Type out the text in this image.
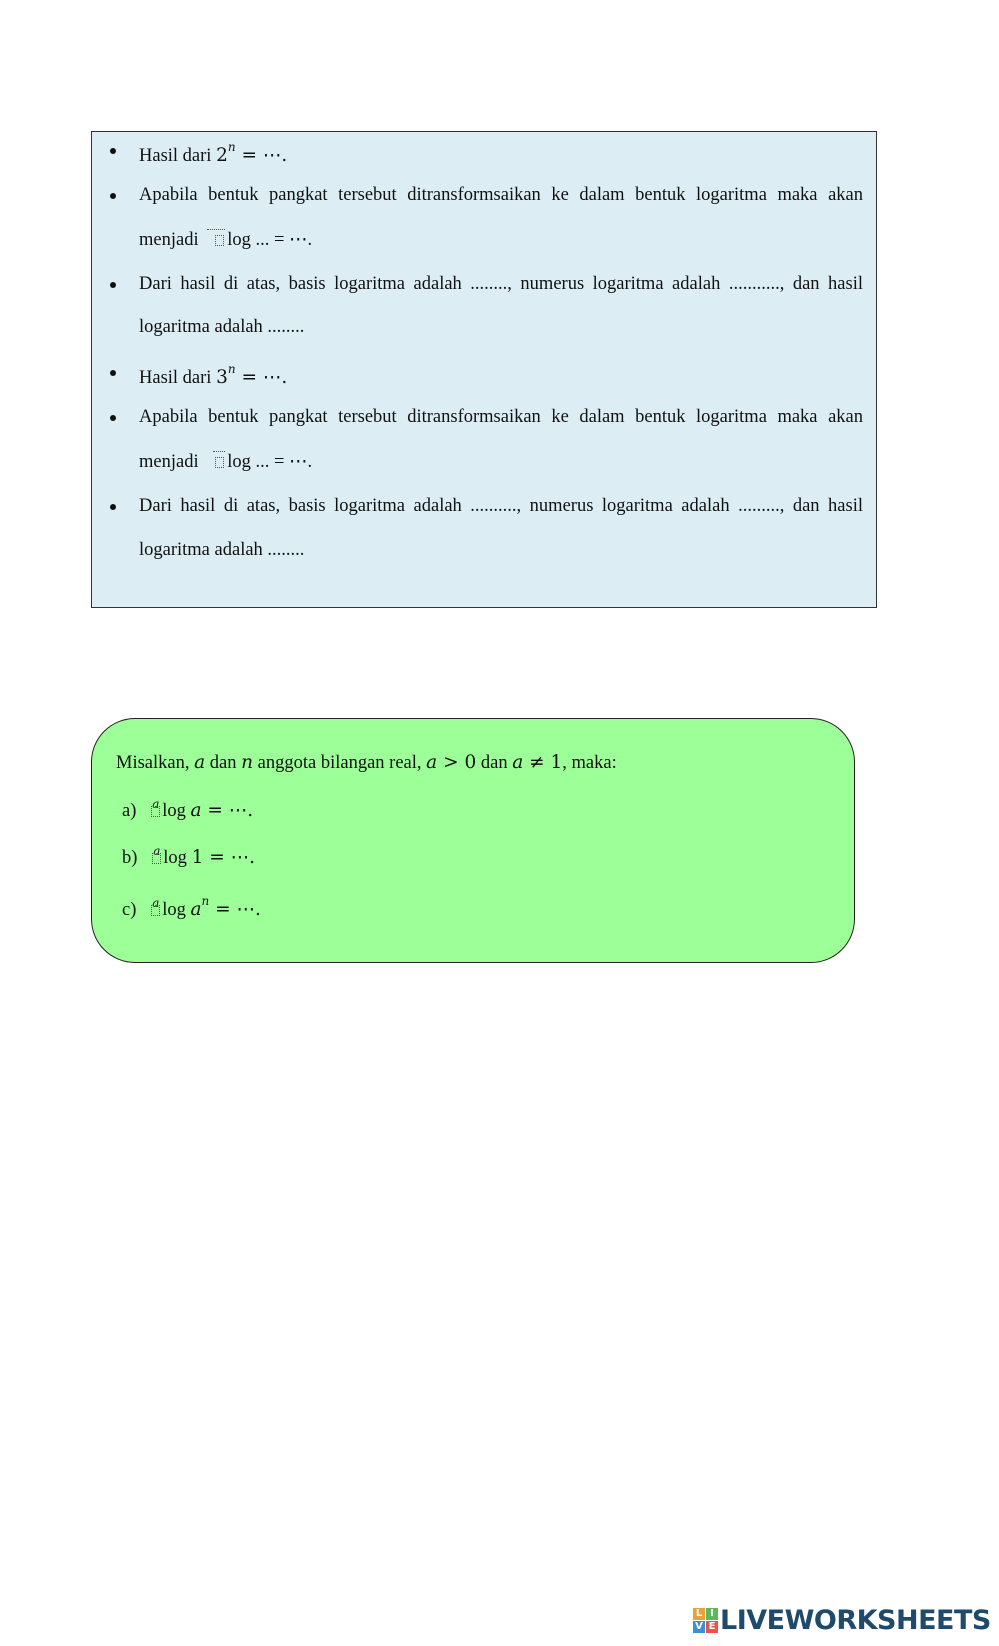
Hasil dari $2^n$ = ⋯.
Apabila bentuk pangkat tersebut ditransformsaikan ke dalam bentuk logaritma maka akan
menjadi
log ... = ⋯.
Dari hasil di atas, basis logaritma adalah ........, numerus logaritma adalah ..........., dan hasil
logaritma adalah ........
Hasil dari $3^n$ = ⋯.
Apabila bentuk pangkat tersebut ditransformsaikan ke dalam bentuk logaritma maka akan
menjadi
log ... = ⋯.
Dari hasil di atas, basis logaritma adalah .........., numerus logaritma adalah ........., dan hasil
logaritma adalah ........
Misalkan, a dan n anggota bilangan real, a > 0 dan a ≠ 1, maka:
a) a log a = ⋯.
b) a log 1 = ⋯.
c) a $\log a^n$ = ⋯.
L I
V E LIVEWORKSHEETS
